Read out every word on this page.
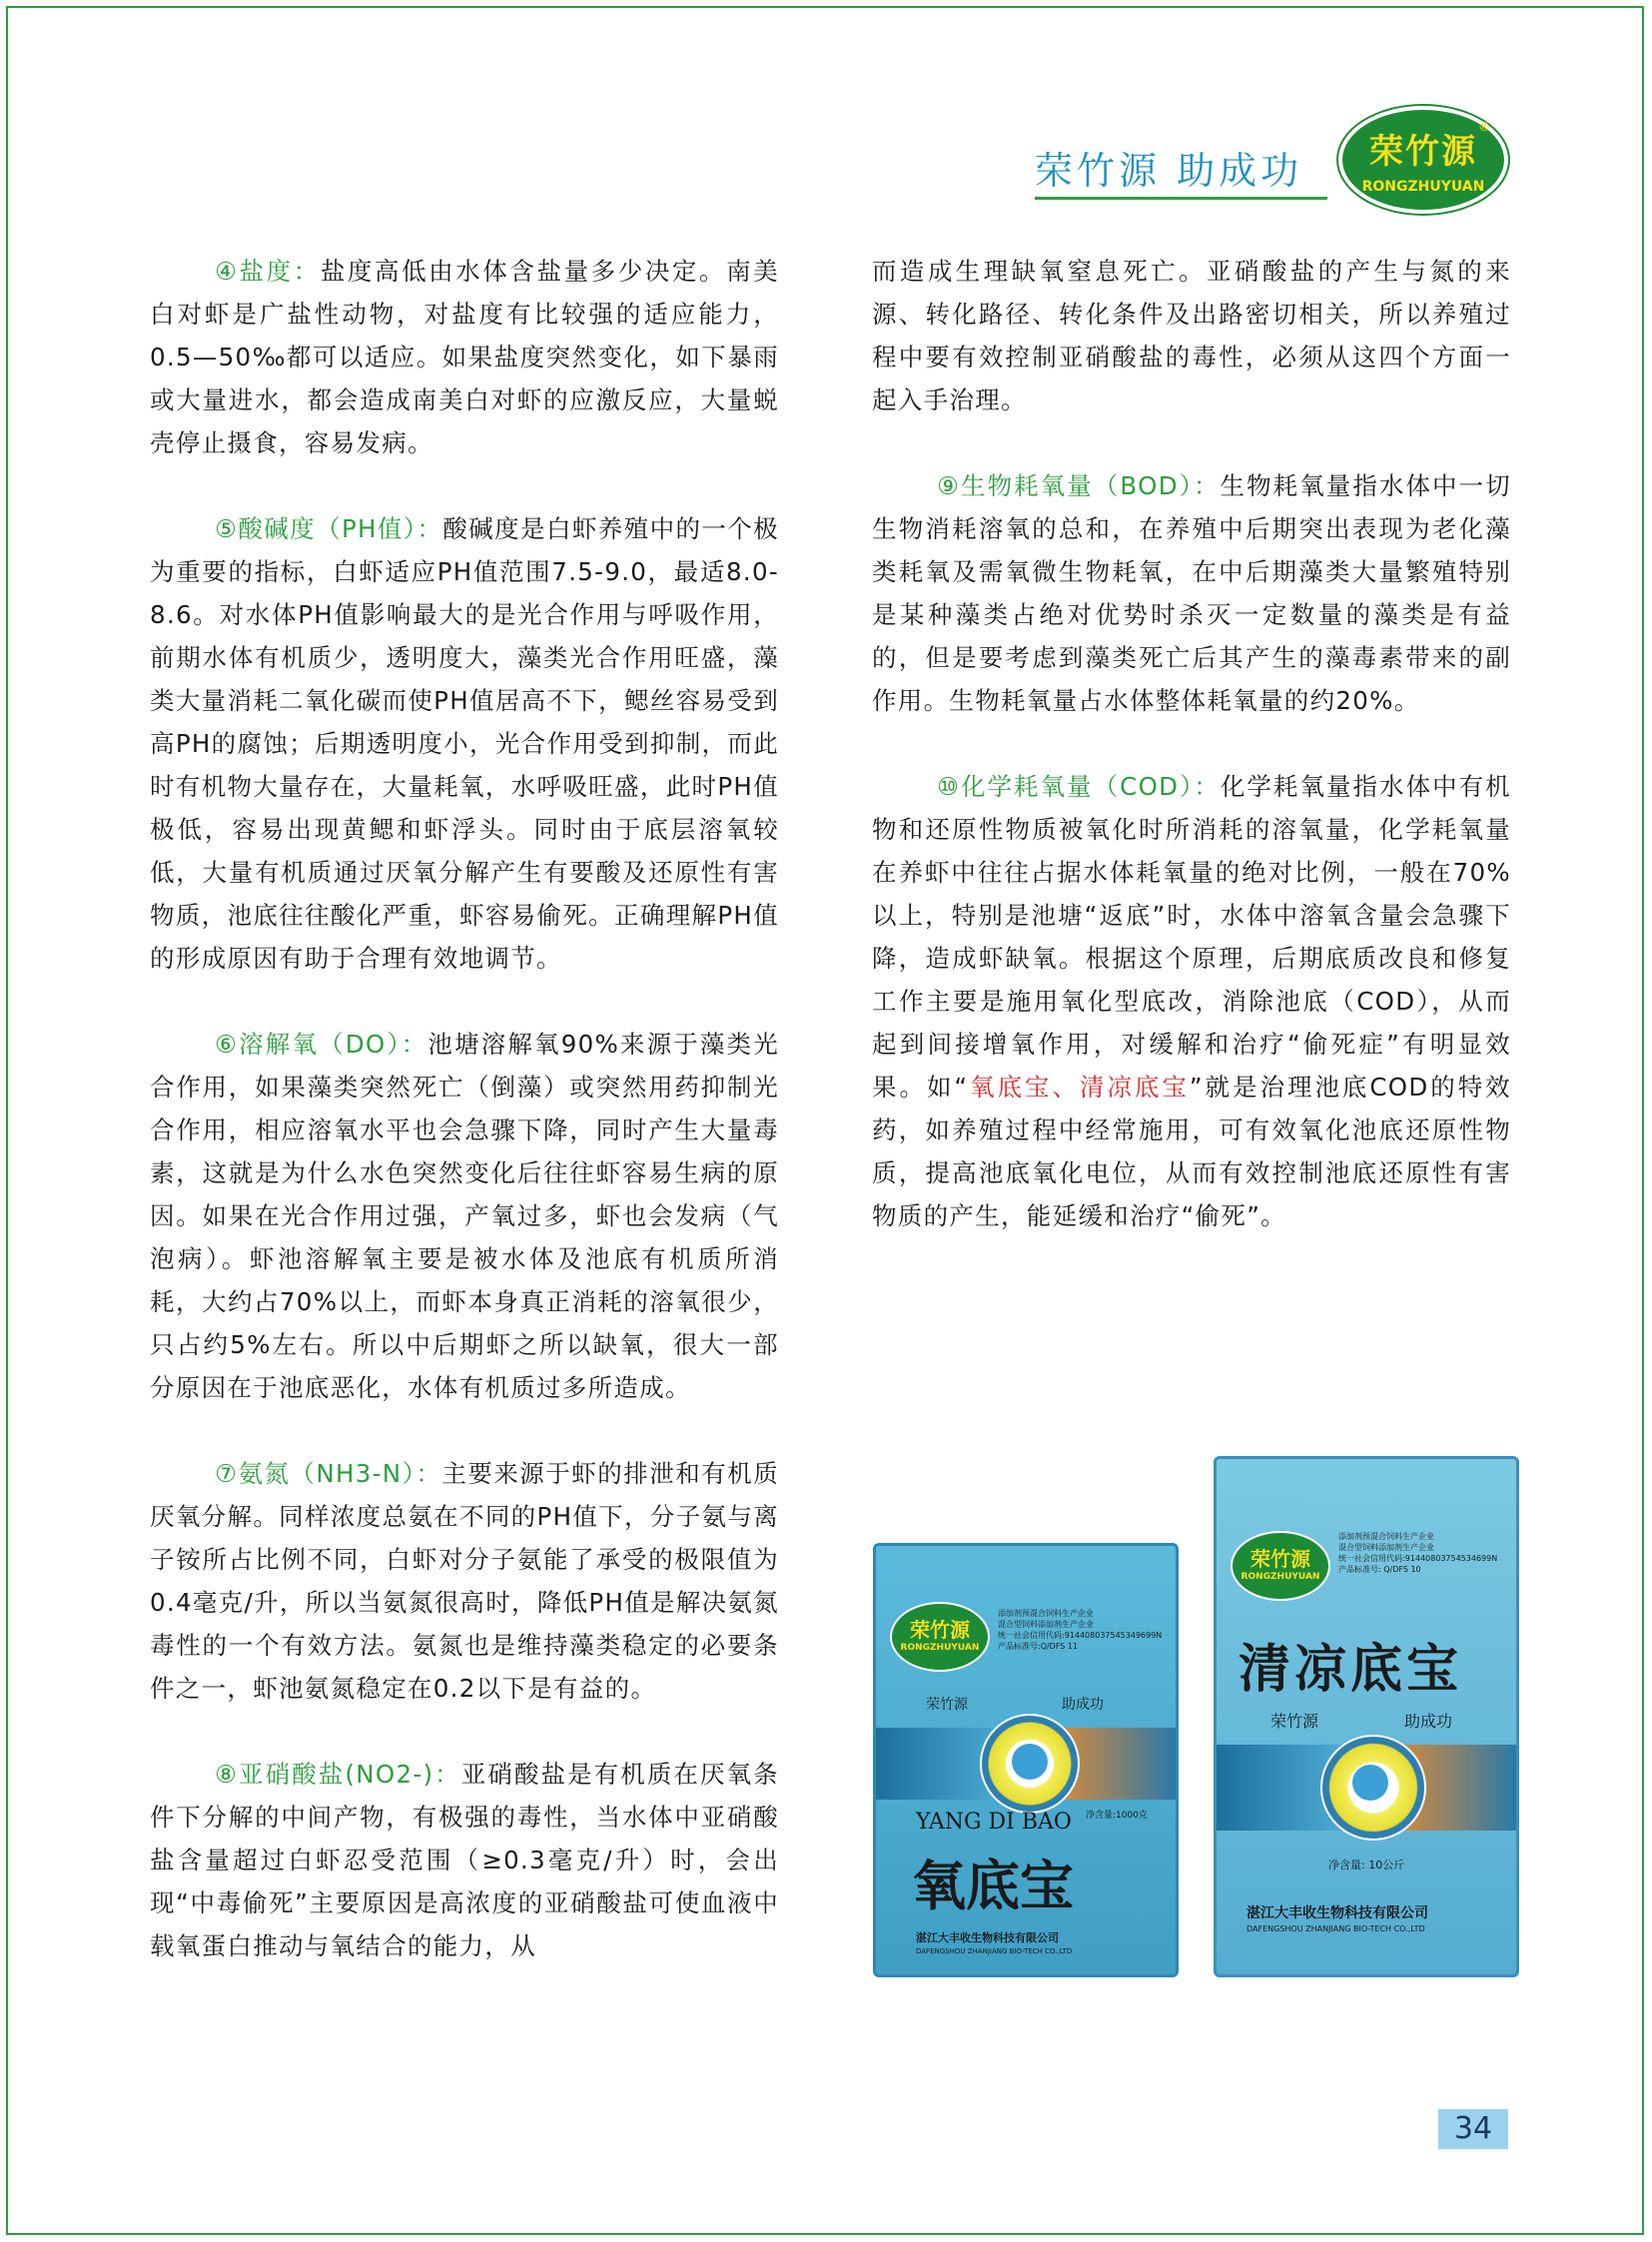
荣竹源 助成功	荣竹源
RONGZHUYUAN
®

④盐度：盐度高低由水体含盐量多少决定。南美白对虾是广盐性动物，对盐度有比较强的适应能力，0.5—50‰都可以适应。如果盐度突然变化，如下暴雨或大量进水，都会造成南美白对虾的应激反应，大量蜕壳停止摄食，容易发病。

⑤酸碱度（PH值）：酸碱度是白虾养殖中的一个极为重要的指标，白虾适应PH值范围7.5-9.0，最适8.0-8.6。对水体PH值影响最大的是光合作用与呼吸作用，前期水体有机质少，透明度大，藻类光合作用旺盛，藻类大量消耗二氧化碳而使PH值居高不下，鳃丝容易受到高PH的腐蚀；后期透明度小，光合作用受到抑制，而此时有机物大量存在，大量耗氧，水呼吸旺盛，此时PH值极低，容易出现黄鳃和虾浮头。同时由于底层溶氧较低，大量有机质通过厌氧分解产生有要酸及还原性有害物质，池底往往酸化严重，虾容易偷死。正确理解PH值的形成原因有助于合理有效地调节。

⑥溶解氧（DO）：池塘溶解氧90%来源于藻类光合作用，如果藻类突然死亡（倒藻）或突然用药抑制光合作用，相应溶氧水平也会急骤下降，同时产生大量毒素，这就是为什么水色突然变化后往往虾容易生病的原因。如果在光合作用过强，产氧过多，虾也会发病（气泡病）。虾池溶解氧主要是被水体及池底有机质所消耗，大约占70%以上，而虾本身真正消耗的溶氧很少，只占约5%左右。所以中后期虾之所以缺氧，很大一部分原因在于池底恶化，水体有机质过多所造成。

⑦氨氮（NH3-N）：主要来源于虾的排泄和有机质厌氧分解。同样浓度总氨在不同的PH值下，分子氨与离子铵所占比例不同，白虾对分子氨能了承受的极限值为0.4毫克/升，所以当氨氮很高时，降低PH值是解决氨氮毒性的一个有效方法。氨氮也是维持藻类稳定的必要条件之一，虾池氨氮稳定在0.2以下是有益的。

⑧亚硝酸盐(NO2-)：亚硝酸盐是有机质在厌氧条件下分解的中间产物，有极强的毒性，当水体中亚硝酸盐含量超过白虾忍受范围（≥0.3毫克/升）时，会出现“中毒偷死”主要原因是高浓度的亚硝酸盐可使血液中载氧蛋白推动与氧结合的能力，从

而造成生理缺氧窒息死亡。亚硝酸盐的产生与氮的来源、转化路径、转化条件及出路密切相关，所以养殖过程中要有效控制亚硝酸盐的毒性，必须从这四个方面一起入手治理。

⑨生物耗氧量（BOD）：生物耗氧量指水体中一切生物消耗溶氧的总和，在养殖中后期突出表现为老化藻类耗氧及需氧微生物耗氧，在中后期藻类大量繁殖特别是某种藻类占绝对优势时杀灭一定数量的藻类是有益的，但是要考虑到藻类死亡后其产生的藻毒素带来的副作用。生物耗氧量占水体整体耗氧量的约20%。

⑩化学耗氧量（COD）：化学耗氧量指水体中有机物和还原性物质被氧化时所消耗的溶氧量，化学耗氧量在养虾中往往占据水体耗氧量的绝对比例，一般在70%以上，特别是池塘“返底”时，水体中溶氧含量会急骤下降，造成虾缺氧。根据这个原理，后期底质改良和修复工作主要是施用氧化型底改，消除池底（COD），从而起到间接增氧作用，对缓解和治疗“偷死症”有明显效果。如“氧底宝、清凉底宝”就是治理池底COD的特效药，如养殖过程中经常施用，可有效氧化池底还原性物质，提高池底氧化电位，从而有效控制池底还原性有害物质的产生，能延缓和治疗“偷死”。

荣竹源
RONGZHUYUAN
添加剂预混合饲料生产企业
混合型饲料添加剂生产企业
统一社会信用代码:914408037545349699N
产品标准号:Q/DFS 11
荣竹源	助成功
净含量:1000克
YANG DI BAO
氧底宝
湛江大丰收生物科技有限公司
DAFENGSHOU ZHANJIANG BIO-TECH CO.,LTD
荣竹源
RONGZHUYUAN
添加剂预混合饲料生产企业
混合型饲料添加剂生产企业
统一社会信用代码:91440803754534699N
产品标准号: Q/DFS 10
清凉底宝
荣竹源	助成功
净含量: 10公斤
湛江大丰收生物科技有限公司
DAFENGSHOU ZHANJIANG BIO-TECH CO.,LTD
34
